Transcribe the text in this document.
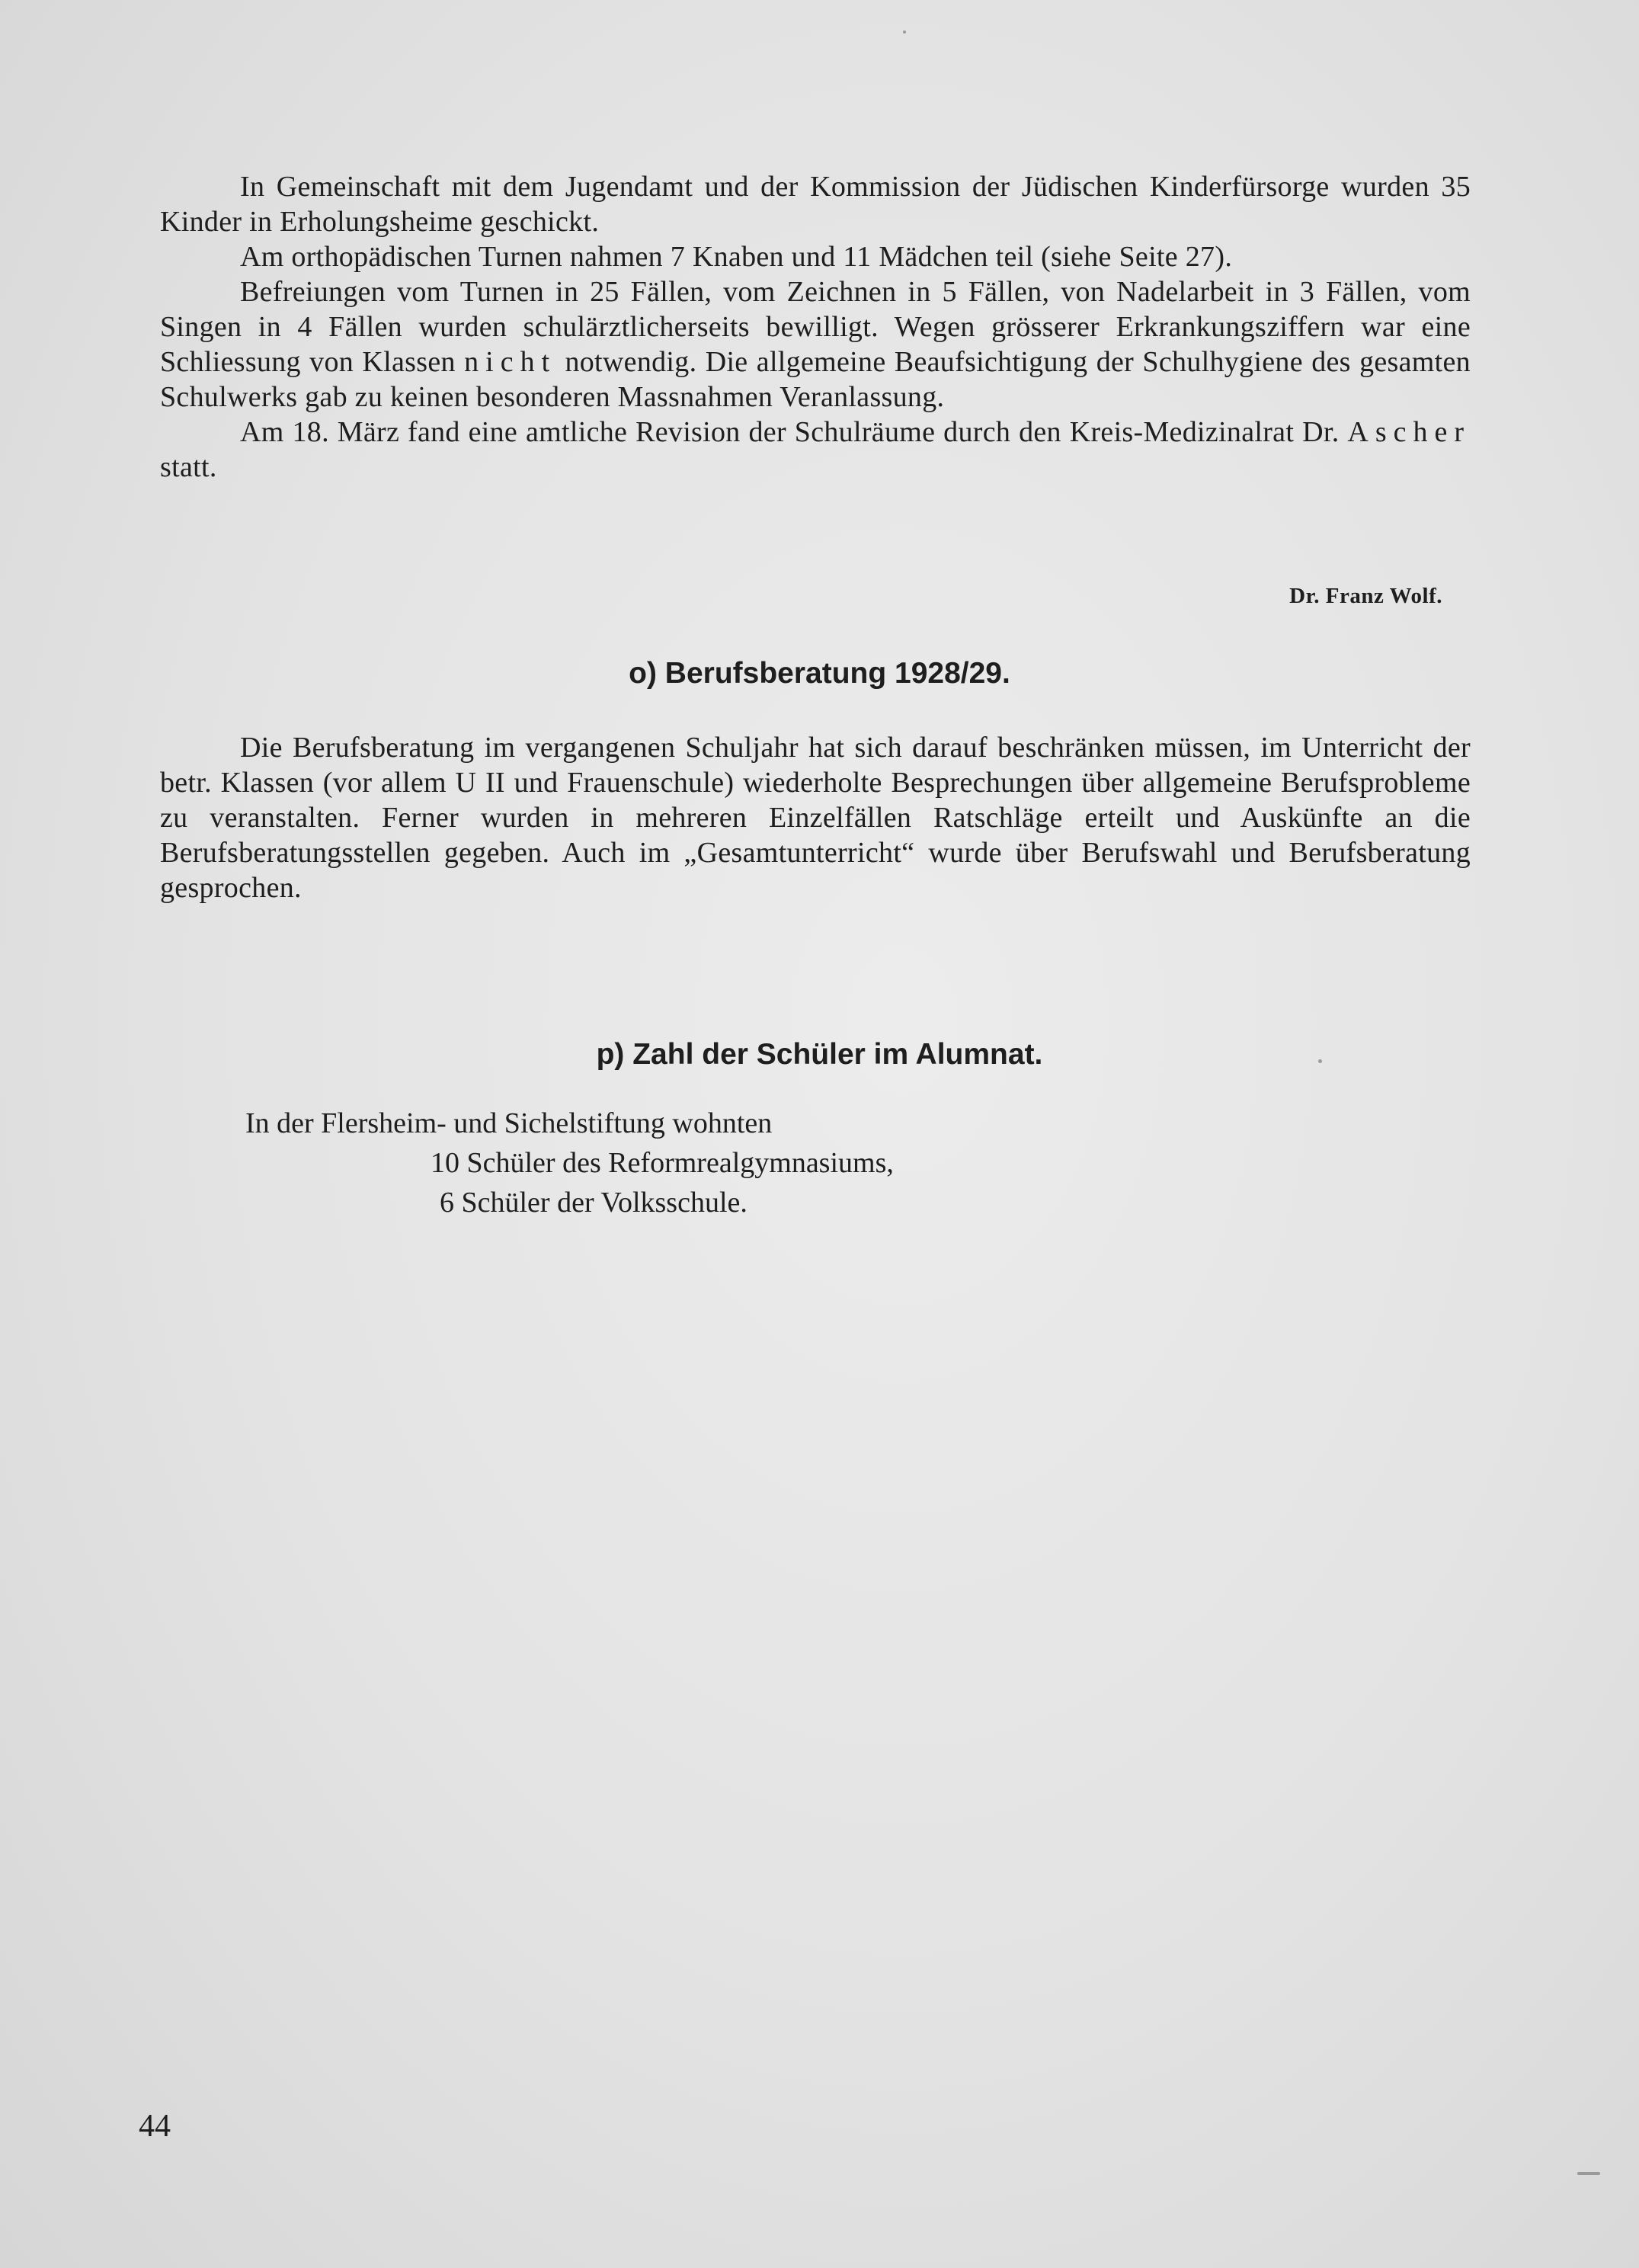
In Gemeinschaft mit dem Jugendamt und der Kommission der Jüdischen Kinderfürsorge wurden 35 Kinder in Erholungsheime geschickt.

Am orthopädischen Turnen nahmen 7 Knaben und 11 Mädchen teil (siehe Seite 27).

Befreiungen vom Turnen in 25 Fällen, vom Zeichnen in 5 Fällen, von Nadelarbeit in 3 Fällen, vom Singen in 4 Fällen wurden schulärztlicherseits bewilligt. Wegen grösserer Erkrankungsziffern war eine Schliessung von Klassen nicht notwendig. Die allgemeine Beaufsichtigung der Schulhygiene des gesamten Schulwerks gab zu keinen besonderen Massnahmen Veranlassung.

Am 18. März fand eine amtliche Revision der Schulräume durch den Kreis-Medizinalrat Dr. Ascher statt.

Dr. Franz Wolf.
o) Berufsberatung 1928/29.

Die Berufsberatung im vergangenen Schuljahr hat sich darauf beschränken müssen, im Unterricht der betr. Klassen (vor allem U II und Frauenschule) wiederholte Besprechungen über allgemeine Berufsprobleme zu veranstalten. Ferner wurden in mehreren Einzelfällen Ratschläge erteilt und Auskünfte an die Berufsberatungsstellen gegeben. Auch im „Gesamtunterricht“ wurde über Berufswahl und Berufsberatung gesprochen.

p) Zahl der Schüler im Alumnat.
In der Flersheim- und Sichelstiftung wohnten
10 Schüler des Reformrealgymnasiums,
6 Schüler der Volksschule.
44
